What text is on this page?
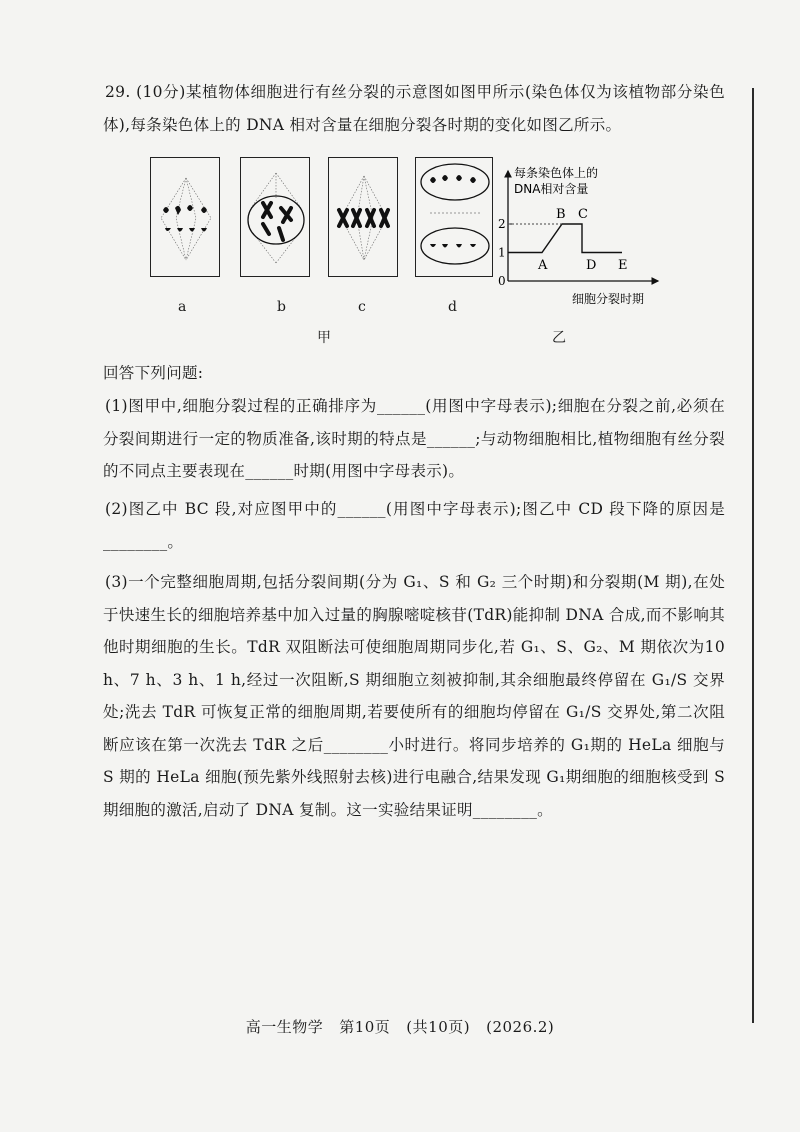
29. (10分)某植物体细胞进行有丝分裂的示意图如图甲所示(染色体仅为该植物部分染色体),每条染色体上的 DNA 相对含量在细胞分裂各时期的变化如图乙所示。

a	b	c	d
甲	乙
每条染色体上的
DNA相对含量
细胞分裂时期
0
1
2
A
B C
D E

回答下列问题:

(1)图甲中,细胞分裂过程的正确排序为______(用图中字母表示);细胞在分裂之前,必须在分裂间期进行一定的物质准备,该时期的特点是______;与动物细胞相比,植物细胞有丝分裂的不同点主要表现在______时期(用图中字母表示)。

(2)图乙中 BC 段,对应图甲中的______(用图中字母表示);图乙中 CD 段下降的原因是________。

(3)一个完整细胞周期,包括分裂间期(分为 G₁、S 和 G₂ 三个时期)和分裂期(M 期),在处于快速生长的细胞培养基中加入过量的胸腺嘧啶核苷(TdR)能抑制 DNA 合成,而不影响其他时期细胞的生长。TdR 双阻断法可使细胞周期同步化,若 G₁、S、G₂、M 期依次为10 h、7 h、3 h、1 h,经过一次阻断,S 期细胞立刻被抑制,其余细胞最终停留在 G₁/S 交界处;洗去 TdR 可恢复正常的细胞周期,若要使所有的细胞均停留在 G₁/S 交界处,第二次阻断应该在第一次洗去 TdR 之后________小时进行。将同步培养的 G₁期的 HeLa 细胞与 S 期的 HeLa 细胞(预先紫外线照射去核)进行电融合,结果发现 G₁期细胞的细胞核受到 S 期细胞的激活,启动了 DNA 复制。这一实验结果证明________。

高一生物学 第10页 (共10页) (2026.2)
